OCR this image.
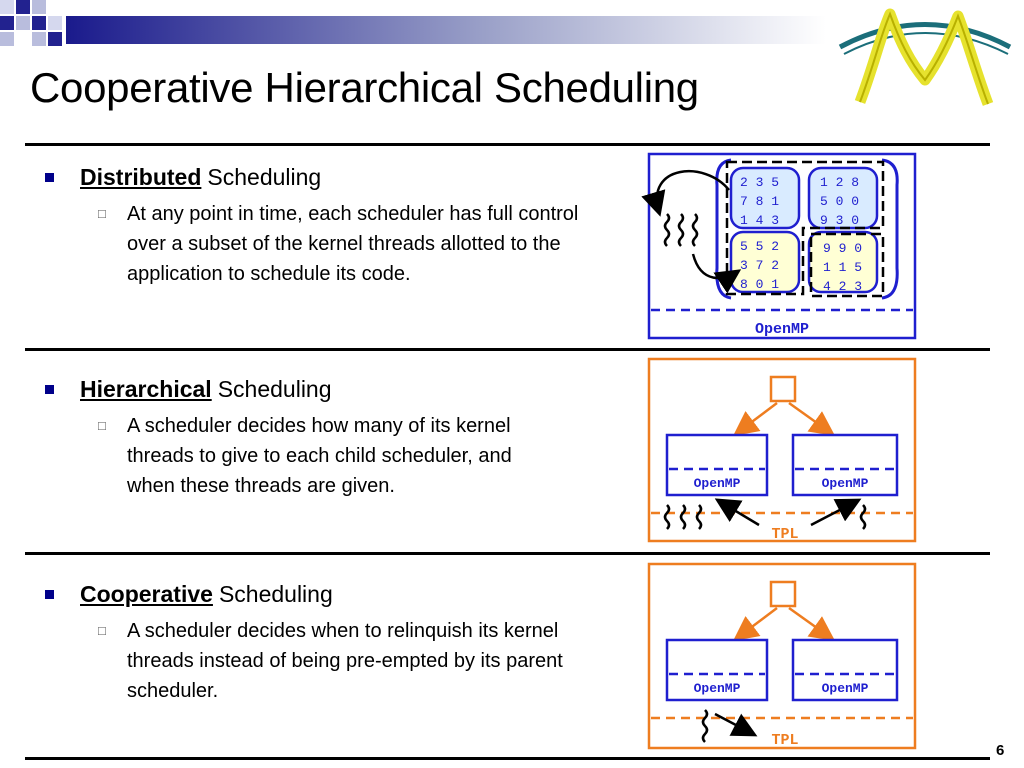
Cooperative Hierarchical Scheduling
Distributed Scheduling
□	At any point in time, each scheduler has full control over a subset of the kernel threads allotted to the application to schedule its code.
Hierarchical Scheduling
□	A scheduler decides how many of its kernel threads to give to each child scheduler, and when these threads are given.
Cooperative Scheduling
□	A scheduler decides when to relinquish its kernel threads instead of being pre-empted by its parent scheduler.
OpenMP
2 3 5
7 8 1
1 4 3
1 2 8
5 0 0
9 3 0
5 5 2
3 7 2
8 0 1
9 9 0
1 1 5
4 2 3
TPL
OpenMP	OpenMP
TPL
OpenMP	OpenMP
6
